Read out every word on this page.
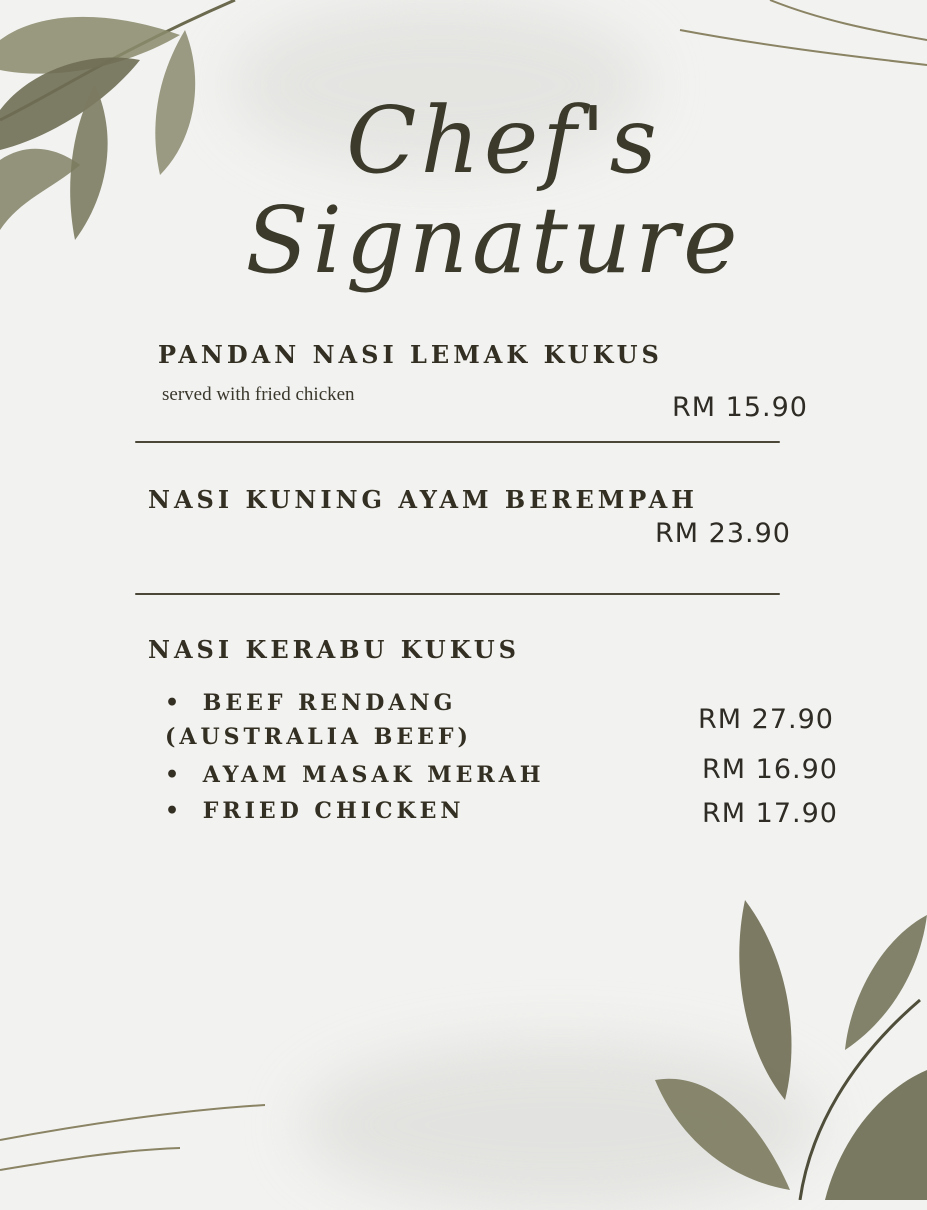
Chef's
Signature
PANDAN NASI LEMAK KUKUS
served with fried chicken	RM 15.90
NASI KUNING AYAM BEREMPAH
RM 23.90
NASI KERABU KUKUS
• BEEF RENDANG (AUSTRALIA BEEF)
RM 27.90
• AYAM MASAK MERAH	RM 16.90
• FRIED CHICKEN	RM 17.90
